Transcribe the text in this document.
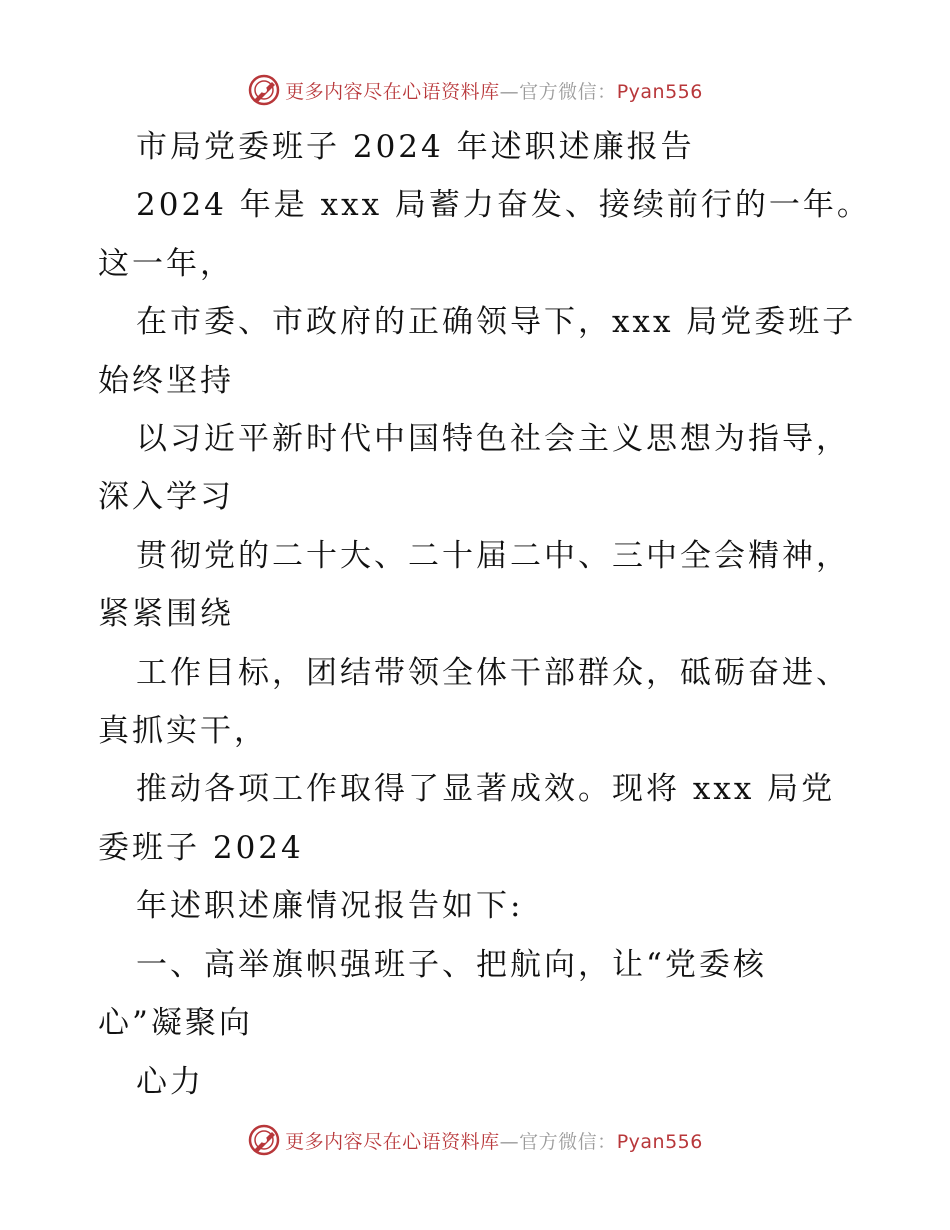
更多内容尽在心语资料库—官方微信：Pyan556

市局党委班子 2024 年述职述廉报告

2024 年是 xxx 局蓄力奋发、接续前行的一年。

这一年，

在市委、市政府的正确领导下，xxx 局党委班子

始终坚持

以习近平新时代中国特色社会主义思想为指导，

深入学习

贯彻党的二十大、二十届二中、三中全会精神，

紧紧围绕

工作目标，团结带领全体干部群众，砥砺奋进、

真抓实干，

推动各项工作取得了显著成效。现将 xxx 局党

委班子 2024

年述职述廉情况报告如下:

一、高举旗帜强班子、把航向，让“党委核

心”凝聚向

心力

更多内容尽在心语资料库—官方微信：Pyan556
